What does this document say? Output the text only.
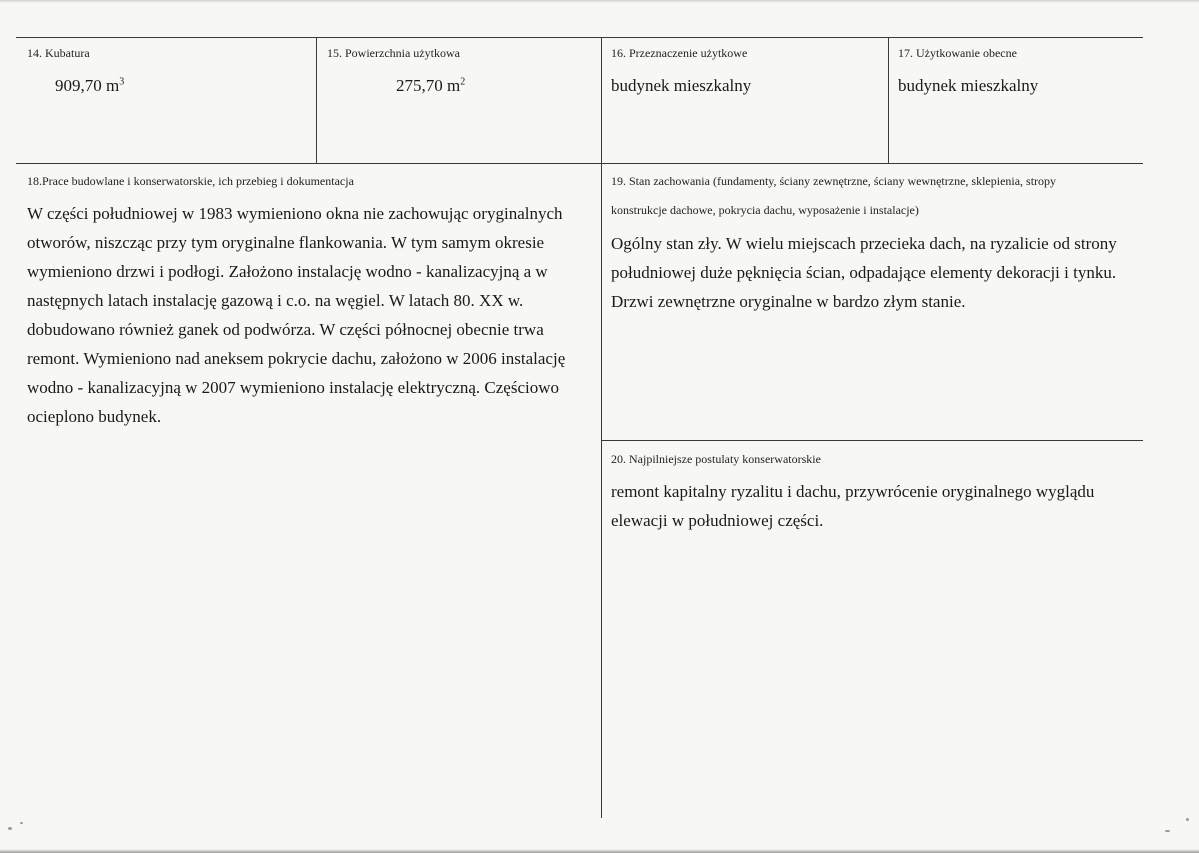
14. Kubatura
909,70 $m^3$
15. Powierzchnia użytkowa
275,70 $m^2$
16. Przeznaczenie użytkowe
budynek mieszkalny
17. Użytkowanie obecne
budynek mieszkalny
18.Prace budowlane i konserwatorskie, ich przebieg i dokumentacja
W części południowej w 1983 wymieniono okna nie zachowując oryginalnych
otworów, niszcząc przy tym oryginalne flankowania. W tym samym okresie
wymieniono drzwi i podłogi. Założono instalację wodno - kanalizacyjną a w
następnych latach instalację gazową i c.o. na węgiel. W latach 80. XX w.
dobudowano również ganek od podwórza. W części północnej obecnie trwa
remont. Wymieniono nad aneksem pokrycie dachu, założono w 2006 instalację
wodno - kanalizacyjną w 2007 wymieniono instalację elektryczną. Częściowo
ocieplono budynek.
19. Stan zachowania (fundamenty, ściany zewnętrzne, ściany wewnętrzne, sklepienia, stropy
konstrukcje dachowe, pokrycia dachu, wyposażenie i instalacje)
Ogólny stan zły. W wielu miejscach przecieka dach, na ryzalicie od strony
południowej duże pęknięcia ścian, odpadające elementy dekoracji i tynku.
Drzwi zewnętrzne oryginalne w bardzo złym stanie.
20. Najpilniejsze postulaty konserwatorskie
remont kapitalny ryzalitu i dachu, przywrócenie oryginalnego wyglądu
elewacji w południowej części.
